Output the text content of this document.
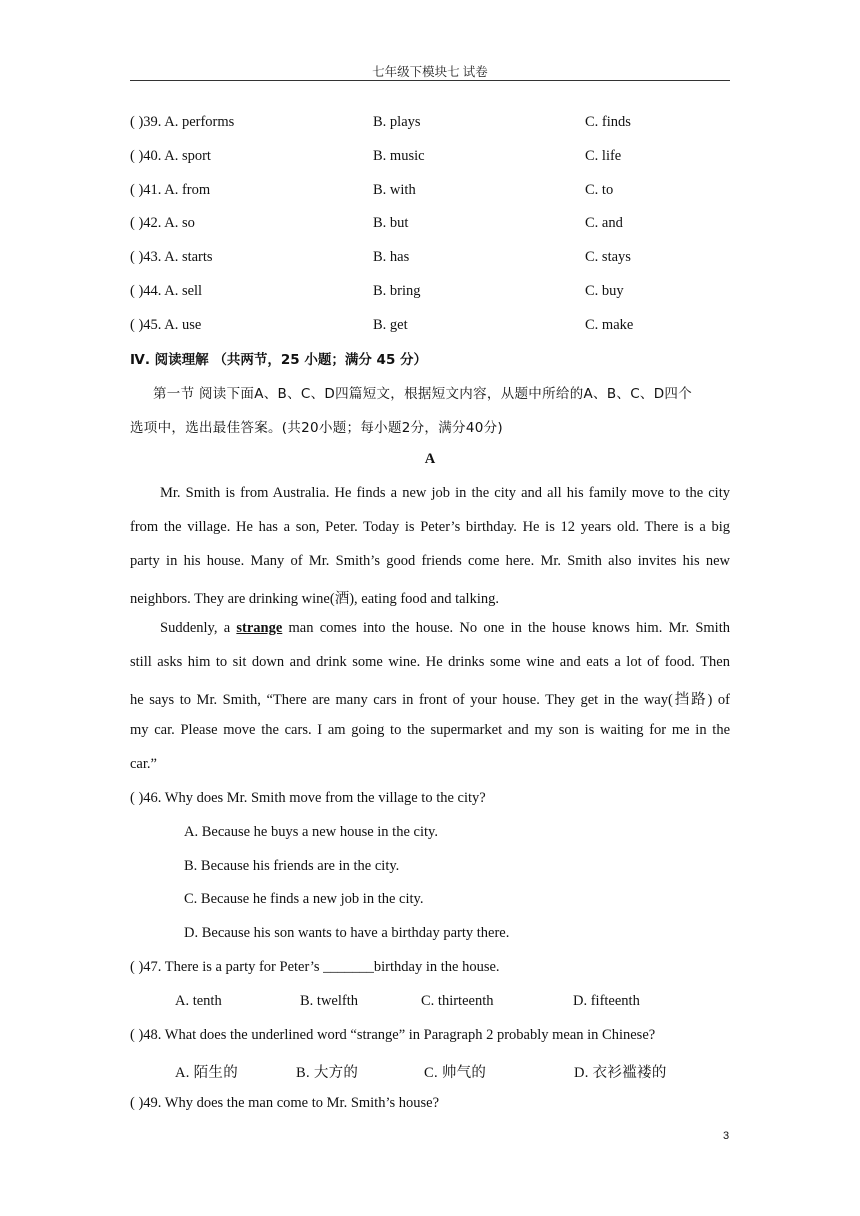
七年级下模块七 试卷
( )39. A. performs	B. plays	C. finds
( )40. A. sport	B. music	C. life
( )41. A. from	B. with	C. to
( )42. A. so	B. but	C. and
( )43. A. starts	B. has	C. stays
( )44. A. sell	B. bring	C. buy
( )45. A. use	B. get	C. make
Ⅳ. 阅读理解 （共两节，25 小题；满分 45 分）
第一节 阅读下面A、B、C、D四篇短文，根据短文内容，从题中所给的A、B、C、D四个
选项中，选出最佳答案。(共20小题；每小题2分，满分40分)
A
Mr. Smith is from Australia. He finds a new job in the city and all his family move to the city
from the village. He has a son, Peter. Today is Peter’s birthday. He is 12 years old. There is a big
party in his house. Many of Mr. Smith’s good friends come here. Mr. Smith also invites his new
neighbors. They are drinking wine(酒), eating food and talking.
Suddenly, a strange man comes into the house. No one in the house knows him. Mr. Smith
still asks him to sit down and drink some wine. He drinks some wine and eats a lot of food. Then
he says to Mr. Smith, “There are many cars in front of your house. They get in the way(挡路) of
my car. Please move the cars. I am going to the supermarket and my son is waiting for me in the
car.”
( )46. Why does Mr. Smith move from the village to the city?
A. Because he buys a new house in the city.
B. Because his friends are in the city.
C. Because he finds a new job in the city.
D. Because his son wants to have a birthday party there.
( )47. There is a party for Peter’s _______birthday in the house.
A. tenth	B. twelfth	C. thirteenth	D. fifteenth
( )48. What does the underlined word “strange” in Paragraph 2 probably mean in Chinese?
A. 陌生的	B. 大方的	C. 帅气的	D. 衣衫褴褛的
( )49. Why does the man come to Mr. Smith’s house?
3
